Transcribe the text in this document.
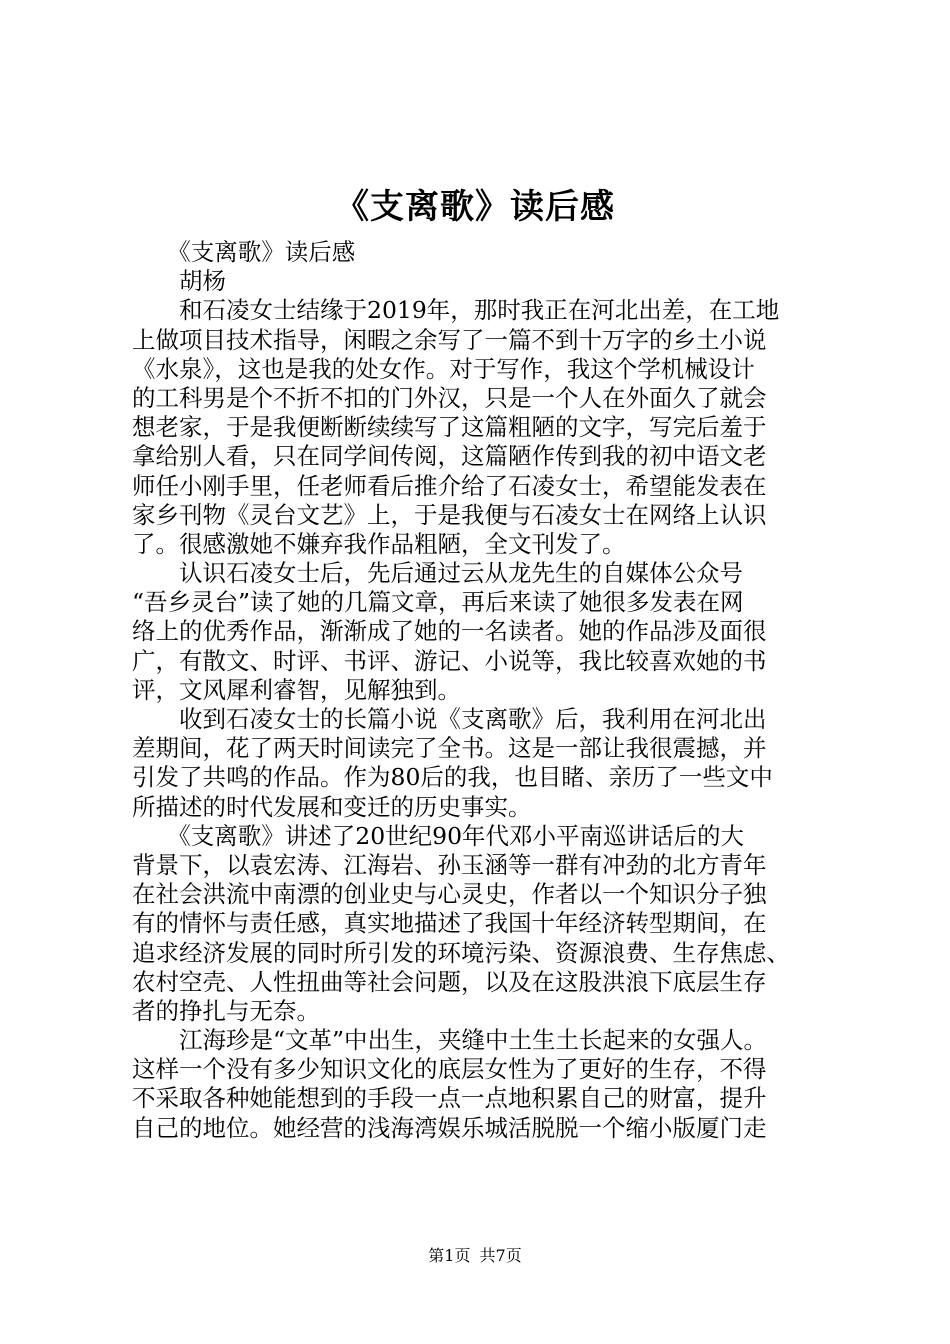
《支离歌》读后感
　　《支离歌》读后感
　　胡杨
　　和石凌女士结缘于2019年，那时我正在河北出差，在工地
上做项目技术指导，闲暇之余写了一篇不到十万字的乡土小说
《水泉》，这也是我的处女作。对于写作，我这个学机械设计
的工科男是个不折不扣的门外汉，只是一个人在外面久了就会
想老家，于是我便断断续续写了这篇粗陋的文字，写完后羞于
拿给别人看，只在同学间传阅，这篇陋作传到我的初中语文老
师任小刚手里，任老师看后推介给了石凌女士，希望能发表在
家乡刊物《灵台文艺》上，于是我便与石凌女士在网络上认识
了。很感激她不嫌弃我作品粗陋，全文刊发了。
　　认识石凌女士后，先后通过云从龙先生的自媒体公众号
“吾乡灵台”读了她的几篇文章，再后来读了她很多发表在网
络上的优秀作品，渐渐成了她的一名读者。她的作品涉及面很
广，有散文、时评、书评、游记、小说等，我比较喜欢她的书
评，文风犀利睿智，见解独到。
　　收到石凌女士的长篇小说《支离歌》后，我利用在河北出
差期间，花了两天时间读完了全书。这是一部让我很震撼，并
引发了共鸣的作品。作为80后的我，也目睹、亲历了一些文中
所描述的时代发展和变迁的历史事实。
　　《支离歌》讲述了20世纪90年代邓小平南巡讲话后的大
背景下，以袁宏涛、江海岩、孙玉涵等一群有冲劲的北方青年
在社会洪流中南漂的创业史与心灵史，作者以一个知识分子独
有的情怀与责任感，真实地描述了我国十年经济转型期间，在
追求经济发展的同时所引发的环境污染、资源浪费、生存焦虑、
农村空壳、人性扭曲等社会问题，以及在这股洪浪下底层生存
者的挣扎与无奈。
　　江海珍是“文革”中出生，夹缝中土生土长起来的女强人。
这样一个没有多少知识文化的底层女性为了更好的生存，不得
不采取各种她能想到的手段一点一点地积累自己的财富，提升
自己的地位。她经营的浅海湾娱乐城活脱脱一个缩小版厦门走
第1页 共7页
